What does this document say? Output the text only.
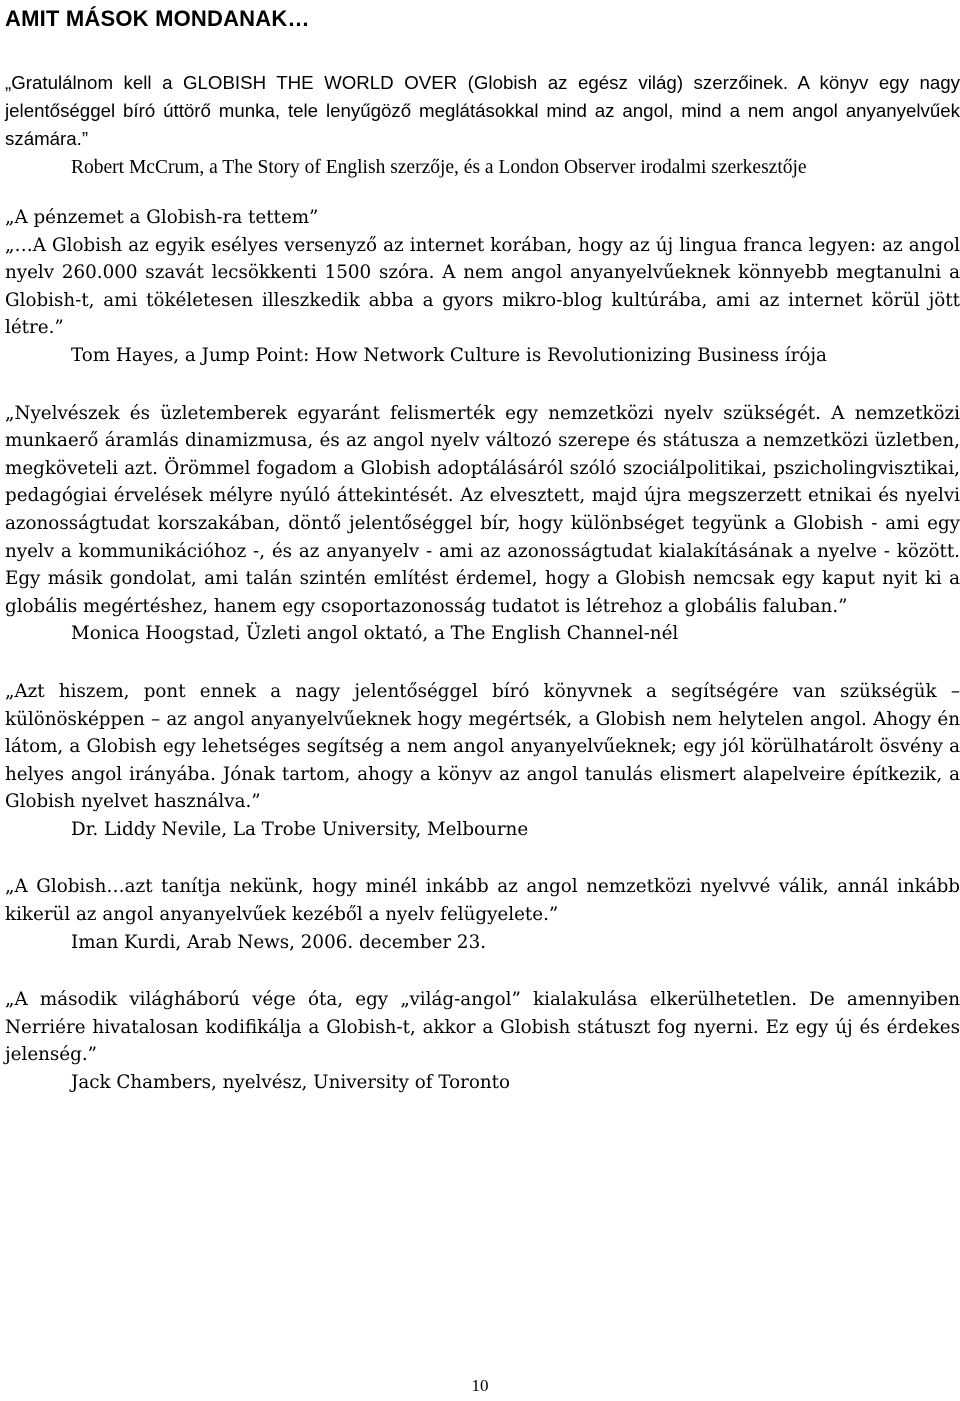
AMIT MÁSOK MONDANAK…

„Gratulálnom kell a GLOBISH THE WORLD OVER (Globish az egész világ) szerzőinek. A könyv egy nagy jelentőséggel bíró úttörő munka, tele lenyűgöző meglátásokkal mind az angol, mind a nem angol anyanyelvűek számára.”

Robert McCrum, a The Story of English szerzője, és a London Observer irodalmi szerkesztője

„A pénzemet a Globish-ra tettem”

„…A Globish az egyik esélyes versenyző az internet korában, hogy az új lingua franca legyen: az angol nyelv 260.000 szavát lecsökkenti 1500 szóra. A nem angol anyanyelvűeknek könnyebb megtanulni a Globish-t, ami tökéletesen illeszkedik abba a gyors mikro-blog kultúrába, ami az internet körül jött létre.”

Tom Hayes, a Jump Point: How Network Culture is Revolutionizing Business írója

„Nyelvészek és üzletemberek egyaránt felismerték egy nemzetközi nyelv szükségét. A nemzetközi munkaerő áramlás dinamizmusa, és az angol nyelv változó szerepe és státusza a nemzetközi üzletben, megköveteli azt. Örömmel fogadom a Globish adoptálásáról szóló szociálpolitikai, pszicholingvisztikai, pedagógiai érvelések mélyre nyúló áttekintését. Az elvesztett, majd újra megszerzett etnikai és nyelvi azonosságtudat korszakában, döntő jelentőséggel bír, hogy különbséget tegyünk a Globish - ami egy nyelv a kommunikációhoz -, és az anyanyelv - ami az azonosságtudat kialakításának a nyelve - között. Egy másik gondolat, ami talán szintén említést érdemel, hogy a Globish nemcsak egy kaput nyit ki a globális megértéshez, hanem egy csoportazonosság tudatot is létrehoz a globális faluban.”

Monica Hoogstad, Üzleti angol oktató, a The English Channel-nél

„Azt hiszem, pont ennek a nagy jelentőséggel bíró könyvnek a segítségére van szükségük – különösképpen – az angol anyanyelvűeknek hogy megértsék, a Globish nem helytelen angol. Ahogy én látom, a Globish egy lehetséges segítség a nem angol anyanyelvűeknek; egy jól körülhatárolt ösvény a helyes angol irányába. Jónak tartom, ahogy a könyv az angol tanulás elismert alapelveire építkezik, a Globish nyelvet használva.”

Dr. Liddy Nevile, La Trobe University, Melbourne

„A Globish…azt tanítja nekünk, hogy minél inkább az angol nemzetközi nyelvvé válik, annál inkább kikerül az angol anyanyelvűek kezéből a nyelv felügyelete.”

Iman Kurdi, Arab News, 2006. december 23.

„A második világháború vége óta, egy „világ-angol” kialakulása elkerülhetetlen. De amennyiben Nerriére hivatalosan kodifikálja a Globish-t, akkor a Globish státuszt fog nyerni. Ez egy új és érdekes jelenség.”

Jack Chambers, nyelvész, University of Toronto

10
